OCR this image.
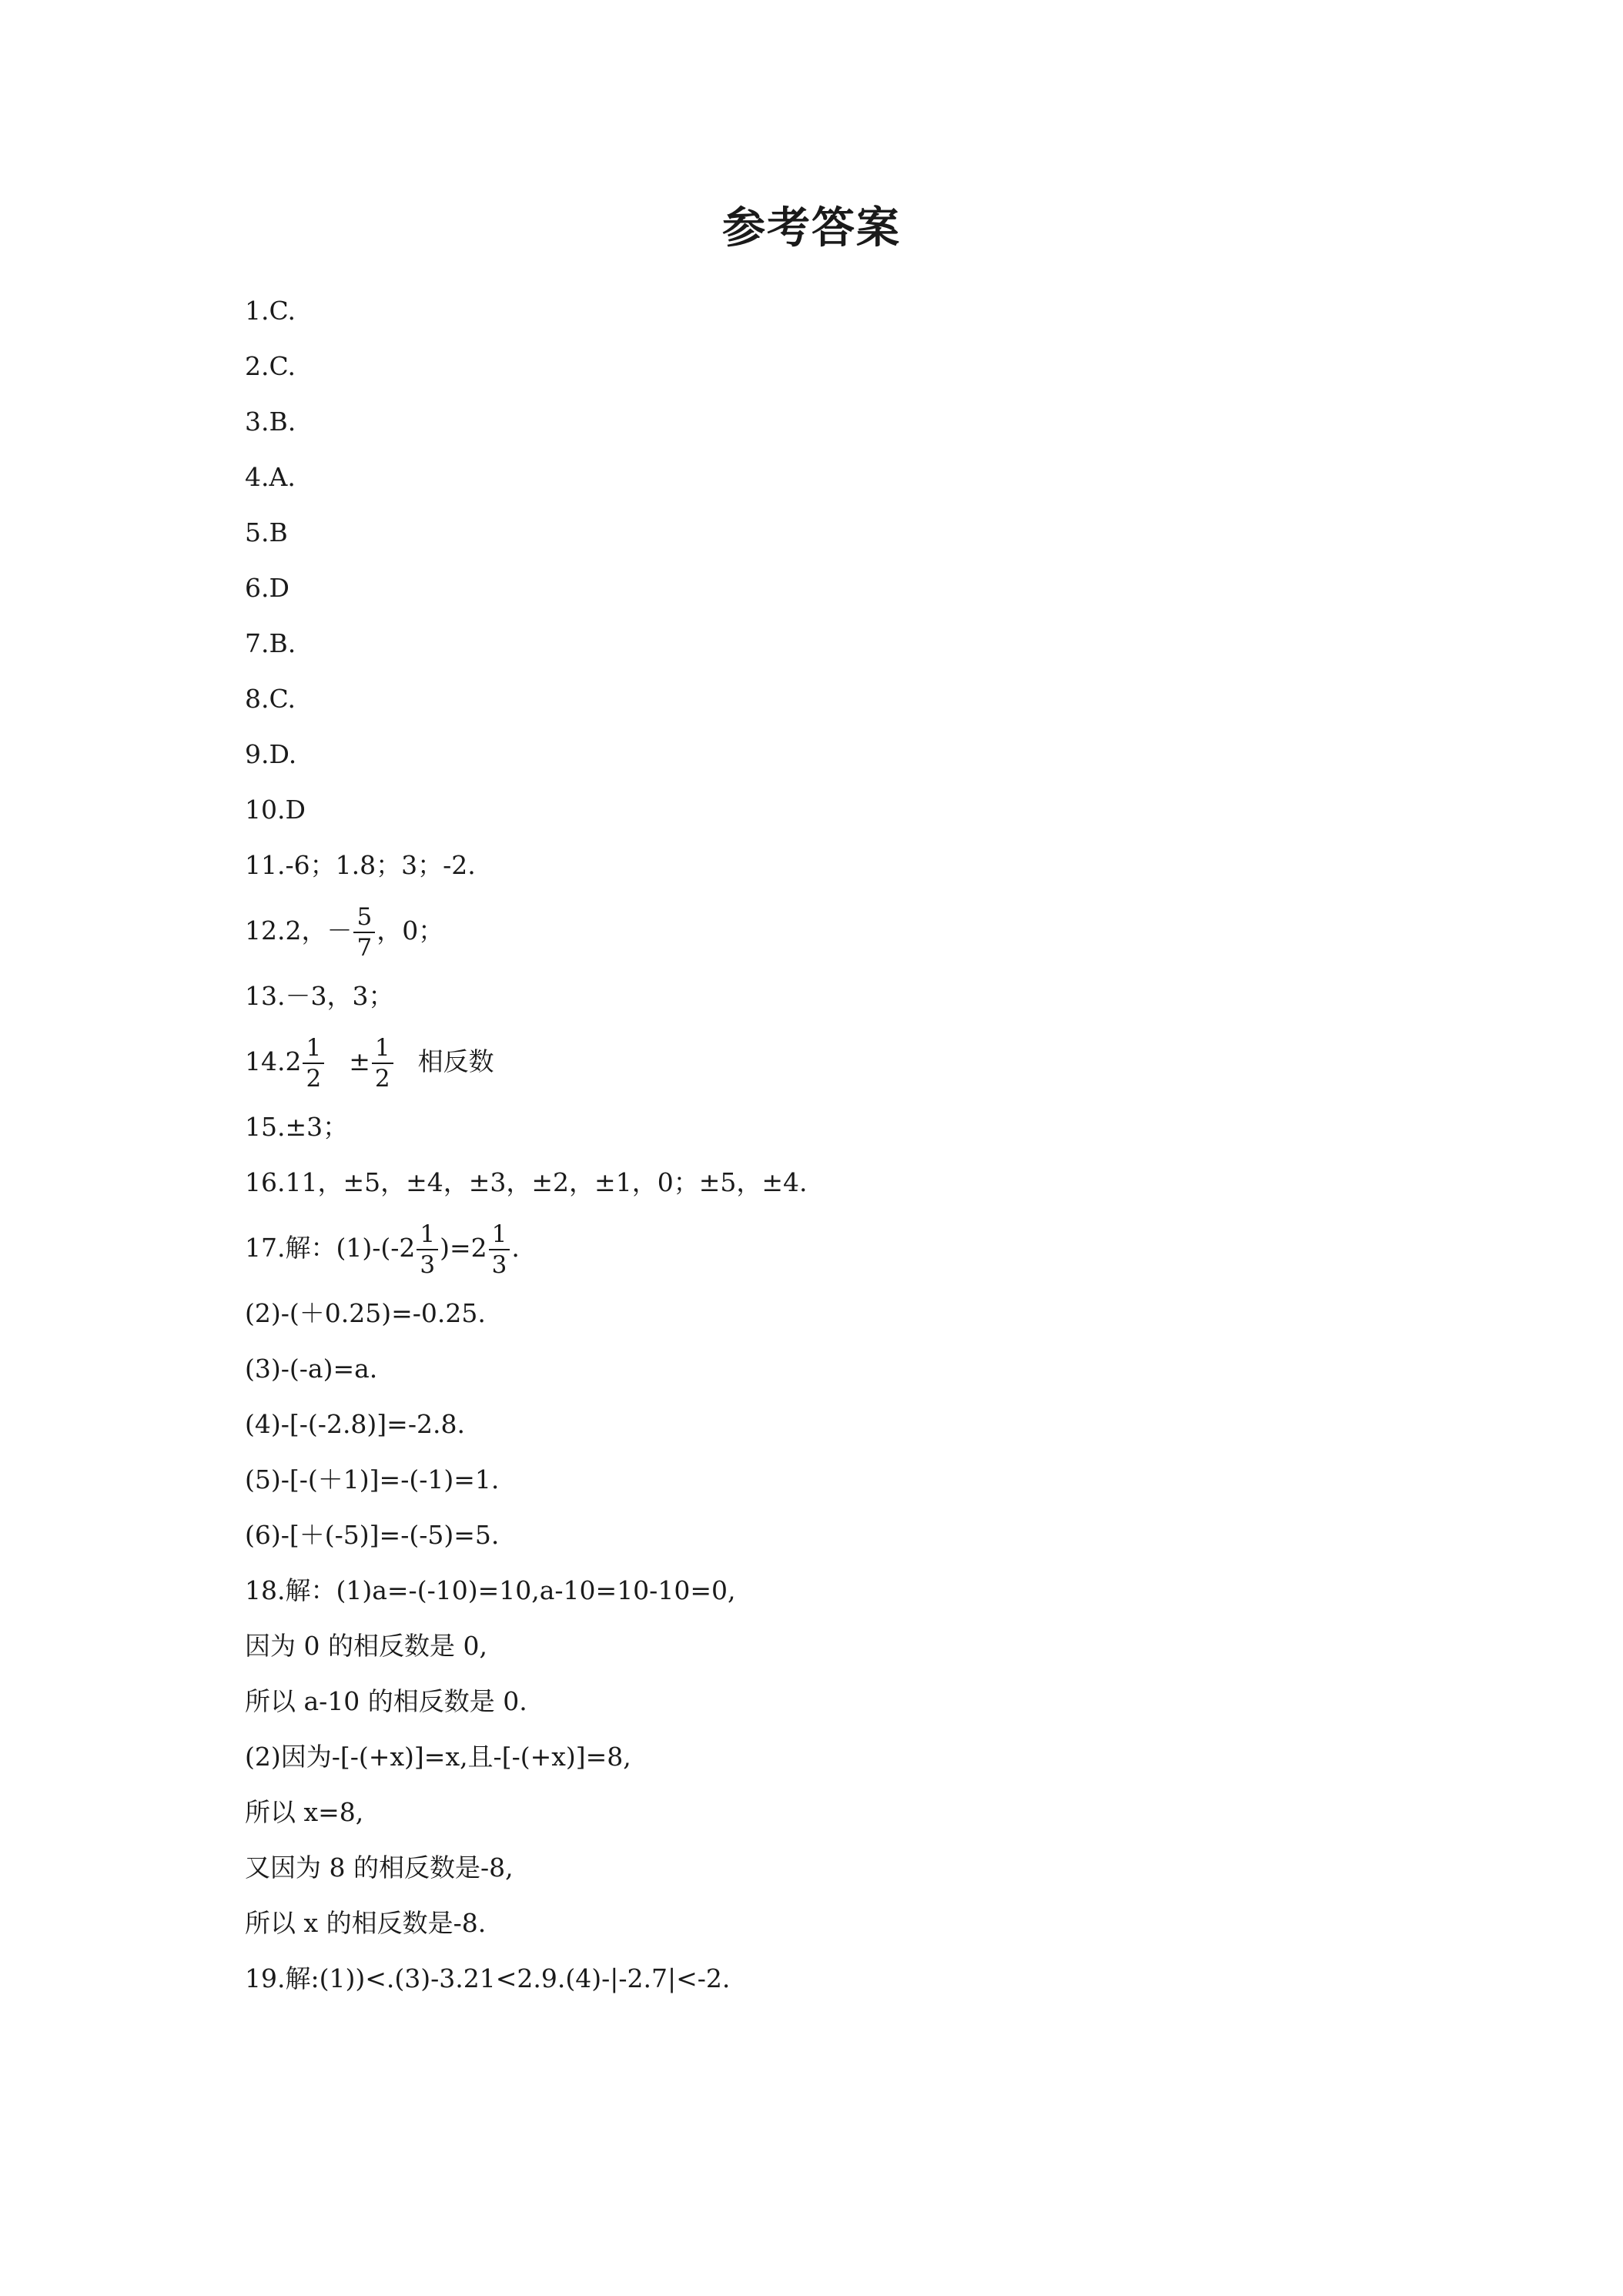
参考答案
1.C.
2.C.
3.B.
4.A.
5.B
6.D
7.B.
8.C.
9.D.
10.D
11.-6；1.8；3；-2.
12.2，－ $\frac{5}{7}$ ，0；
13.－3，3；
$14.2 \frac{1}{2} \pm \frac{1}{2}$ 相反数
15.±3；
16.11，±5，±4，±3，±2，±1，0；±5，±4.
17.解：$(1)-(-2 \frac{1}{3} )=2 \frac{1}{3}$ .
(2)-(＋0.25)=-0.25.
(3)-(-a)=a.
(4)-[-(-2.8)]=-2.8.
(5)-[-(＋1)]=-(-1)=1.
(6)-[＋(-5)]=-(-5)=5.
18.解：(1)a=-(-10)=10,a-10=10-10=0,
因为 0 的相反数是 0,
所以 a-10 的相反数是 0.
(2)因为-[-(+x)]=x,且-[-(+x)]=8,
所以 x=8,
又因为 8 的相反数是-8,
所以 x 的相反数是-8.
19.解:(1))<.(3)-3.21<2.9.(4)-|-2.7|<-2.
